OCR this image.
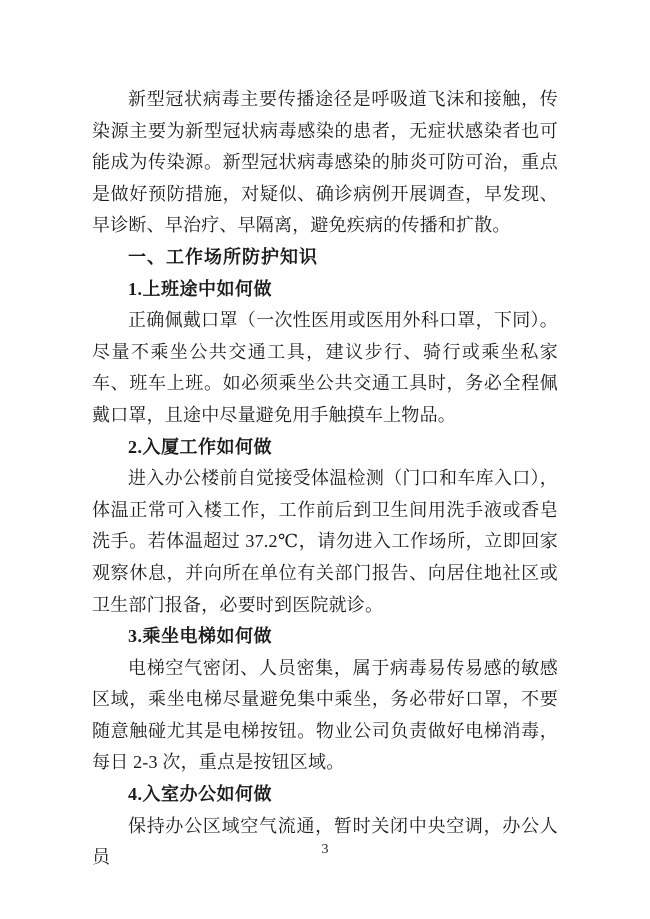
新型冠状病毒主要传播途径是呼吸道飞沫和接触，传染源主要为新型冠状病毒感染的患者，无症状感染者也可能成为传染源。新型冠状病毒感染的肺炎可防可治，重点是做好预防措施，对疑似、确诊病例开展调查，早发现、早诊断、早治疗、早隔离，避免疾病的传播和扩散。

一、工作场所防护知识

1.上班途中如何做

正确佩戴口罩（一次性医用或医用外科口罩，下同）。尽量不乘坐公共交通工具，建议步行、骑行或乘坐私家车、班车上班。如必须乘坐公共交通工具时，务必全程佩戴口罩，且途中尽量避免用手触摸车上物品。

2.入厦工作如何做

进入办公楼前自觉接受体温检测（门口和车库入口），体温正常可入楼工作，工作前后到卫生间用洗手液或香皂洗手。若体温超过 37.2℃，请勿进入工作场所，立即回家观察休息，并向所在单位有关部门报告、向居住地社区或卫生部门报备，必要时到医院就诊。

3.乘坐电梯如何做

电梯空气密闭、人员密集，属于病毒易传易感的敏感区域，乘坐电梯尽量避免集中乘坐，务必带好口罩，不要随意触碰尤其是电梯按钮。物业公司负责做好电梯消毒，每日 2-3 次，重点是按钮区域。

4.入室办公如何做

保持办公区域空气流通，暂时关闭中央空调，办公人员	3
